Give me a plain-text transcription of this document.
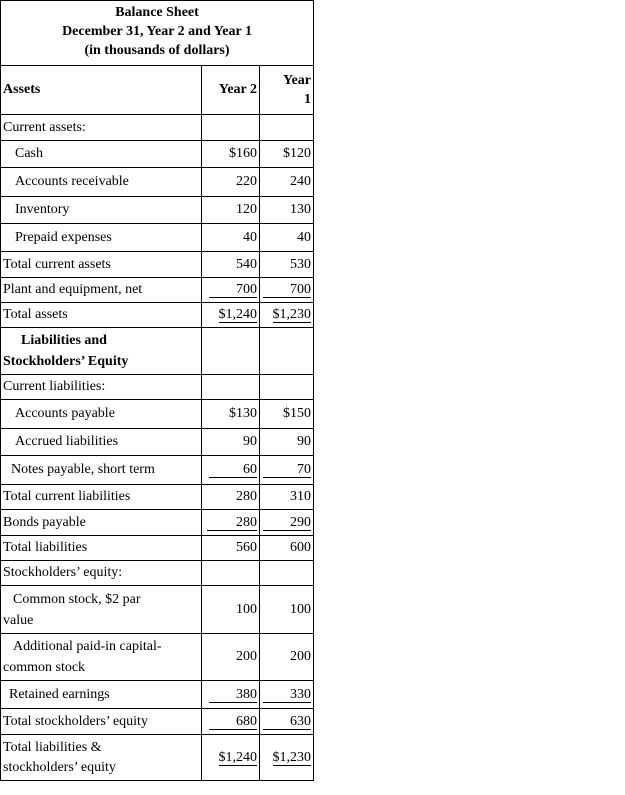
Balance Sheet
December 31, Year 2 and Year 1
(in thousands of dollars)		

Assets	Year 2	Year
1

Current assets:		
Cash	$160	$120
Accounts receivable	220	240
Inventory	120	130
Prepaid expenses	40	40
Total current assets	540	530
Plant and equipment, net	700	700
Total assets	$1,240	$1,230

Liabilities and
Stockholders’ Equity		

Current liabilities:		
Accounts payable	$130	$150
Accrued liabilities	90	90
Notes payable, short term	60	70
Total current liabilities	280	310
Bonds payable	280	290
Total liabilities	560	600
Stockholders’ equity:		

Common stock, $2 par
value	100	100

Additional paid-in capital-
common stock	200	200
Retained earnings	380	330
Total stockholders’ equity	680	630

Total liabilities &
stockholders’ equity	$1,240	$1,230
